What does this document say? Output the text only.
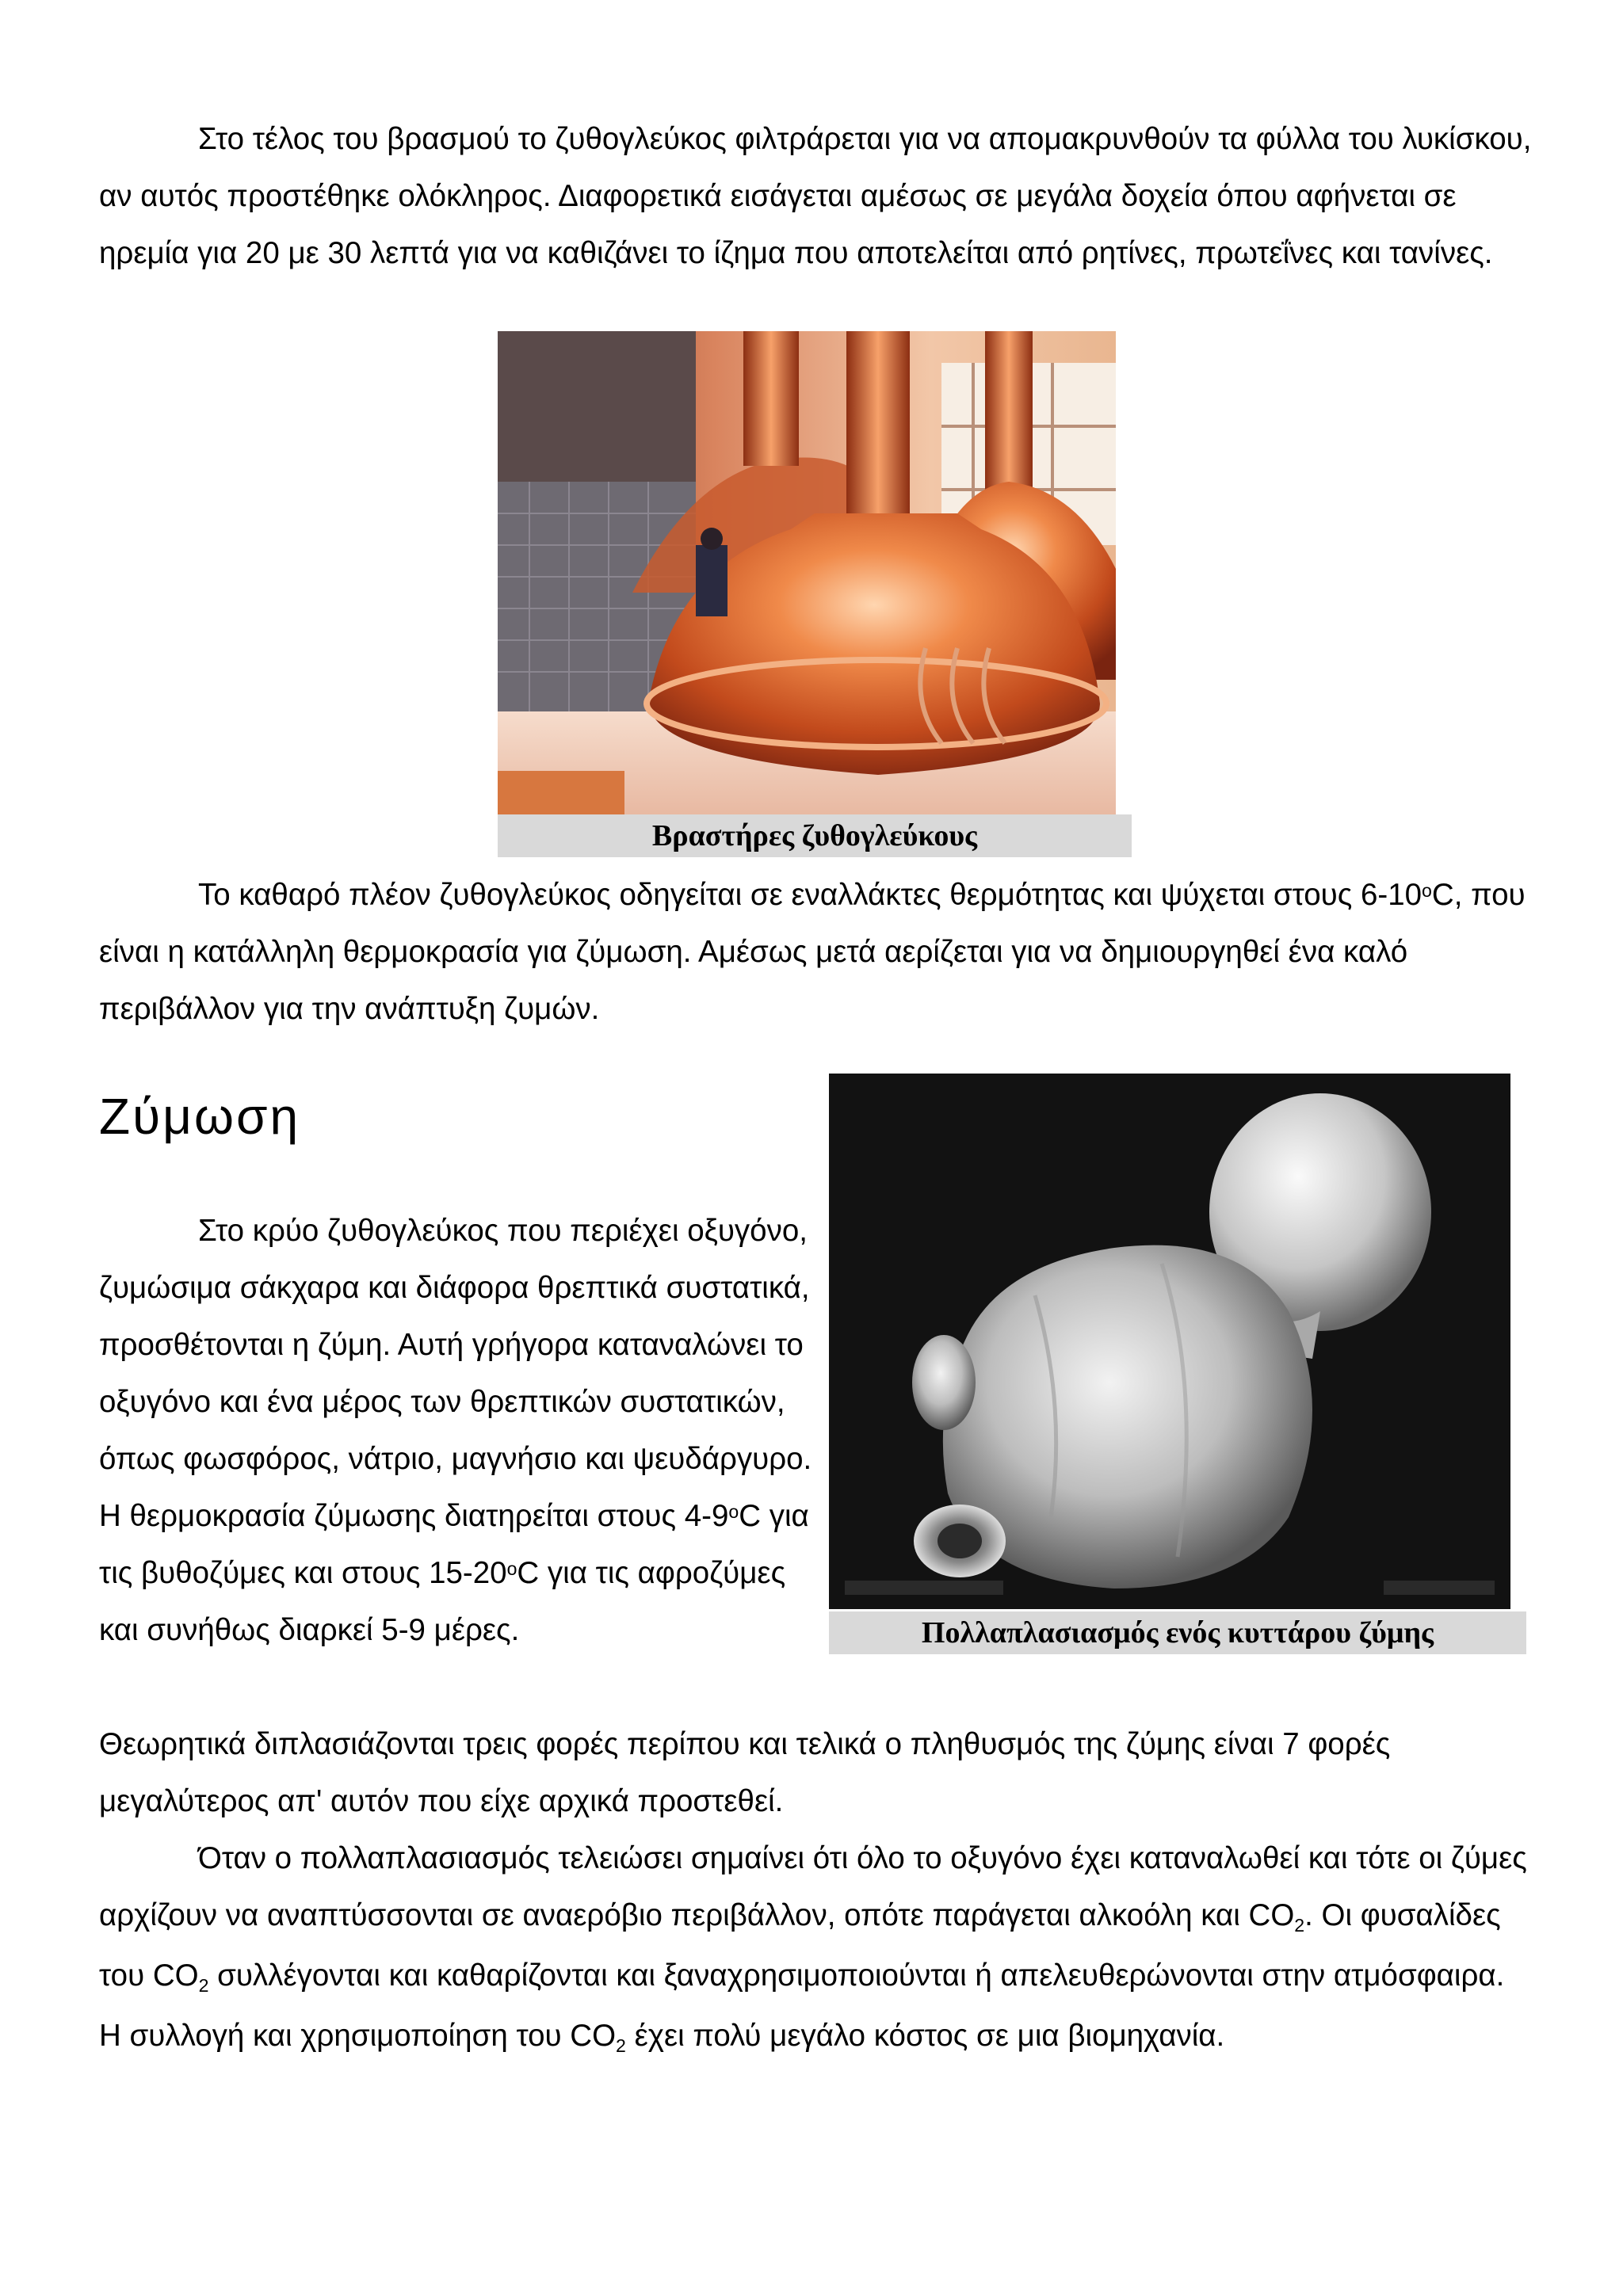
Στο τέλος του βρασμού το ζυθογλεύκος φιλτράρεται για να απομακρυνθούν τα φύλλα του λυκίσκου, αν αυτός προστέθηκε ολόκληρος. Διαφορετικά εισάγεται αμέσως σε μεγάλα δοχεία όπου αφήνεται σε ηρεμία για 20 με 30 λεπτά για να καθιζάνει το ίζημα που αποτελείται από ρητίνες, πρωτεΐνες και τανίνες.

Βραστήρες ζυθογλεύκους

Το καθαρό πλέον ζυθογλεύκος οδηγείται σε εναλλάκτες θερμότητας και ψύχεται στους 6-10$^o$C, που είναι η κατάλληλη θερμοκρασία για ζύμωση. Αμέσως μετά αερίζεται για να δημιουργηθεί ένα καλό περιβάλλον για την ανάπτυξη ζυμών.

Ζύμωση
Πολλαπλασιασμός ενός κυττάρου ζύμης

Στο κρύο ζυθογλεύκος που περιέχει οξυγόνο, ζυμώσιμα σάκχαρα και διάφορα θρεπτικά συστατικά, προσθέτονται η ζύμη. Αυτή γρήγορα καταναλώνει το οξυγόνο και ένα μέρος των θρεπτικών συστατικών, όπως φωσφόρος, νάτριο, μαγνήσιο και ψευδάργυρο. Η θερμοκρασία ζύμωσης διατηρείται στους 4-9$^o$C για τις βυθοζύμες και στους 15-20$^o$C για τις αφροζύμες και συνήθως διαρκεί 5-9 μέρες.

Θεωρητικά διπλασιάζονται τρεις φορές περίπου και τελικά ο πληθυσμός της ζύμης είναι 7 φορές μεγαλύτερος απ' αυτόν που είχε αρχικά προστεθεί.

Όταν ο πολλαπλασιασμός τελειώσει σημαίνει ότι όλο το οξυγόνο έχει καταναλωθεί και τότε οι ζύμες αρχίζουν να αναπτύσσονται σε αναερόβιο περιβάλλον, οπότε παράγεται αλκοόλη και $CO_2$. Οι φυσαλίδες του $CO_2$ συλλέγονται και καθαρίζονται και ξαναχρησιμοποιούνται ή απελευθερώνονται στην ατμόσφαιρα. Η συλλογή και χρησιμοποίηση του $CO_2$ έχει πολύ μεγάλο κόστος σε μια βιομηχανία.
